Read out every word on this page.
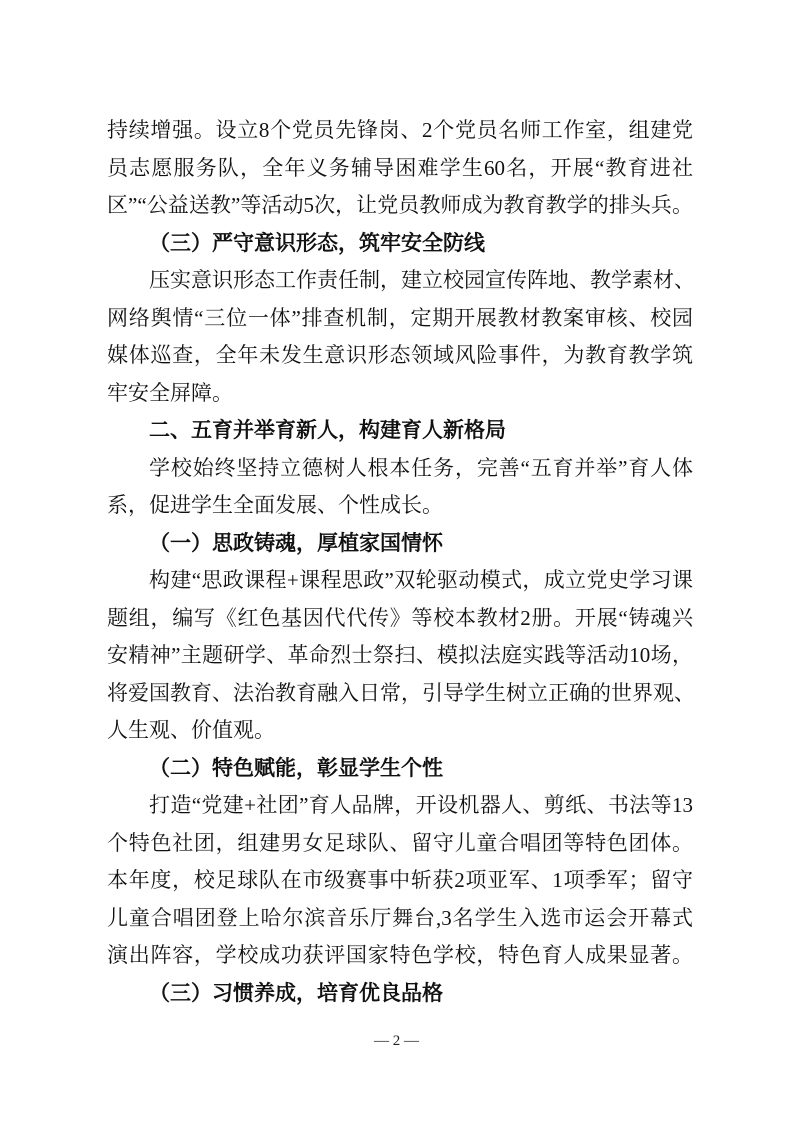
持续增强。设立8个党员先锋岗、2个党员名师工作室，组建党
员志愿服务队，全年义务辅导困难学生60名，开展“教育进社
区”“公益送教”等活动5次，让党员教师成为教育教学的排头兵。
（三）严守意识形态，筑牢安全防线
压实意识形态工作责任制，建立校园宣传阵地、教学素材、
网络舆情“三位一体”排查机制，定期开展教材教案审核、校园
媒体巡查，全年未发生意识形态领域风险事件，为教育教学筑
牢安全屏障。
二、五育并举育新人，构建育人新格局
学校始终坚持立德树人根本任务，完善“五育并举”育人体
系，促进学生全面发展、个性成长。
（一）思政铸魂，厚植家国情怀
构建“思政课程+课程思政”双轮驱动模式，成立党史学习课
题组，编写《红色基因代代传》等校本教材2册。开展“铸魂兴
安精神”主题研学、革命烈士祭扫、模拟法庭实践等活动10场，
将爱国教育、法治教育融入日常，引导学生树立正确的世界观、
人生观、价值观。
（二）特色赋能，彰显学生个性
打造“党建+社团”育人品牌，开设机器人、剪纸、书法等13
个特色社团，组建男女足球队、留守儿童合唱团等特色团体。
本年度，校足球队在市级赛事中斩获2项亚军、1项季军；留守
儿童合唱团登上哈尔滨音乐厅舞台,3名学生入选市运会开幕式
演出阵容，学校成功获评国家特色学校，特色育人成果显著。
（三）习惯养成，培育优良品格
— 2 —
